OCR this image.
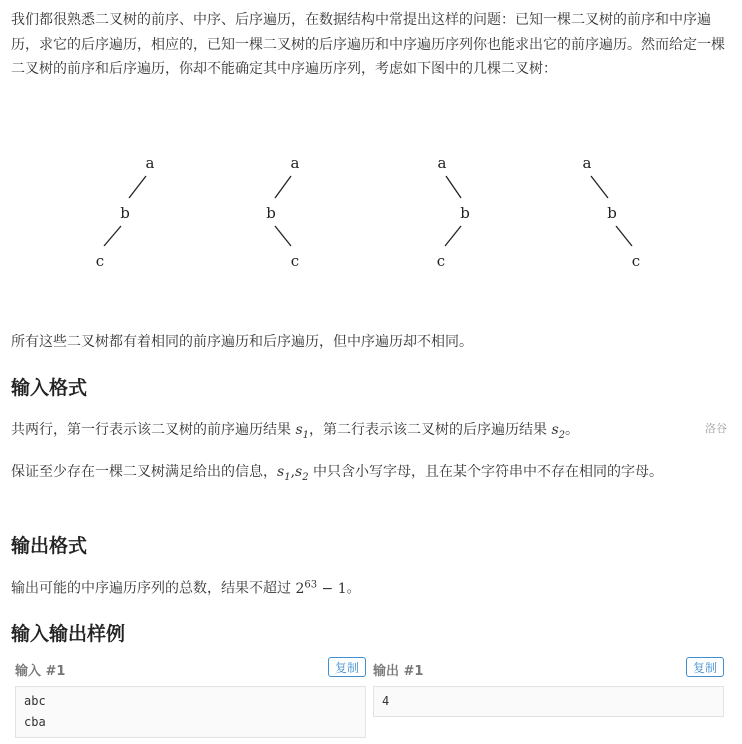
我们都很熟悉二叉树的前序、中序、后序遍历，在数据结构中常提出这样的问题：已知一棵二叉树的前序和中序遍历，求它的后序遍历，相应的，已知一棵二叉树的后序遍历和中序遍历序列你也能求出它的前序遍历。然而给定一棵二叉树的前序和后序遍历，你却不能确定其中序遍历序列，考虑如下图中的几棵二叉树：

a
b
c
a
b
c
a
b
c
a
b
c
洛谷

所有这些二叉树都有着相同的前序遍历和后序遍历，但中序遍历却不相同。

输入格式

共两行，第一行表示该二叉树的前序遍历结果 $s_1$，第二行表示该二叉树的后序遍历结果 $s_2$。

保证至少存在一棵二叉树满足给出的信息，$s_1,s_2$ 中只含小写字母，且在某个字符串中不存在相同的字母。

输出格式

输出可能的中序遍历序列的总数，结果不超过 $2^{63} - 1$。

输入输出样例
输入 #1	复制
abc
cba
输出 #1	复制
4
